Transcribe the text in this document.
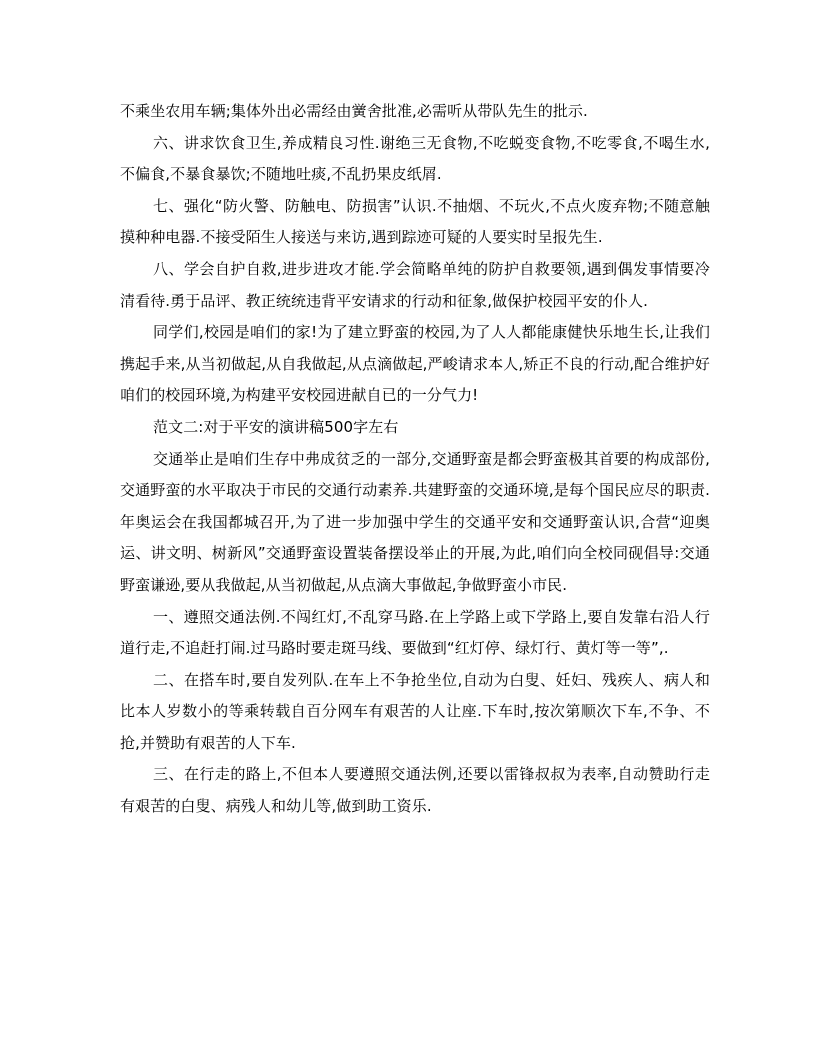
不乘坐农用车辆;集体外出必需经由黉舍批准,必需听从带队先生的批示.

六、讲求饮食卫生,养成精良习性.谢绝三无食物,不吃蜕变食物,不吃零食,不喝生水,不偏食,不暴食暴饮;不随地吐痰,不乱扔果皮纸屑.

七、强化“防火警、防触电、防损害”认识.不抽烟、不玩火,不点火废弃物;不随意触摸种种电器.不接受陌生人接送与来访,遇到踪迹可疑的人要实时呈报先生.

八、学会自护自救,进步进攻才能.学会简略单纯的防护自救要领,遇到偶发事情要冷清看待.勇于品评、教正统统违背平安请求的行动和征象,做保护校园平安的仆人.

同学们,校园是咱们的家!为了建立野蛮的校园,为了人人都能康健快乐地生长,让我们携起手来,从当初做起,从自我做起,从点滴做起,严峻请求本人,矫正不良的行动,配合维护好咱们的校园环境,为构建平安校园进献自已的一分气力!

范文二:对于平安的演讲稿500字左右

交通举止是咱们生存中弗成贫乏的一部分,交通野蛮是都会野蛮极其首要的构成部份,交通野蛮的水平取决于市民的交通行动素养.共建野蛮的交通环境,是每个国民应尽的职责.年奥运会在我国都城召开,为了进一步加强中学生的交通平安和交通野蛮认识,合营“迎奥运、讲文明、树新风”交通野蛮设置装备摆设举止的开展,为此,咱们向全校同砚倡导:交通野蛮谦逊,要从我做起,从当初做起,从点滴大事做起,争做野蛮小市民.

一、遵照交通法例.不闯红灯,不乱穿马路.在上学路上或下学路上,要自发靠右沿人行道行走,不追赶打闹.过马路时要走斑马线、要做到“红灯停、绿灯行、黄灯等一等”,.

二、在搭车时,要自发列队.在车上不争抢坐位,自动为白叟、妊妇、残疾人、病人和比本人岁数小的等乘转载自百分网车有艰苦的人让座.下车时,按次第顺次下车,不争、不抢,并赞助有艰苦的人下车.

三、在行走的路上,不但本人要遵照交通法例,还要以雷锋叔叔为表率,自动赞助行走有艰苦的白叟、病残人和幼儿等,做到助工资乐.
